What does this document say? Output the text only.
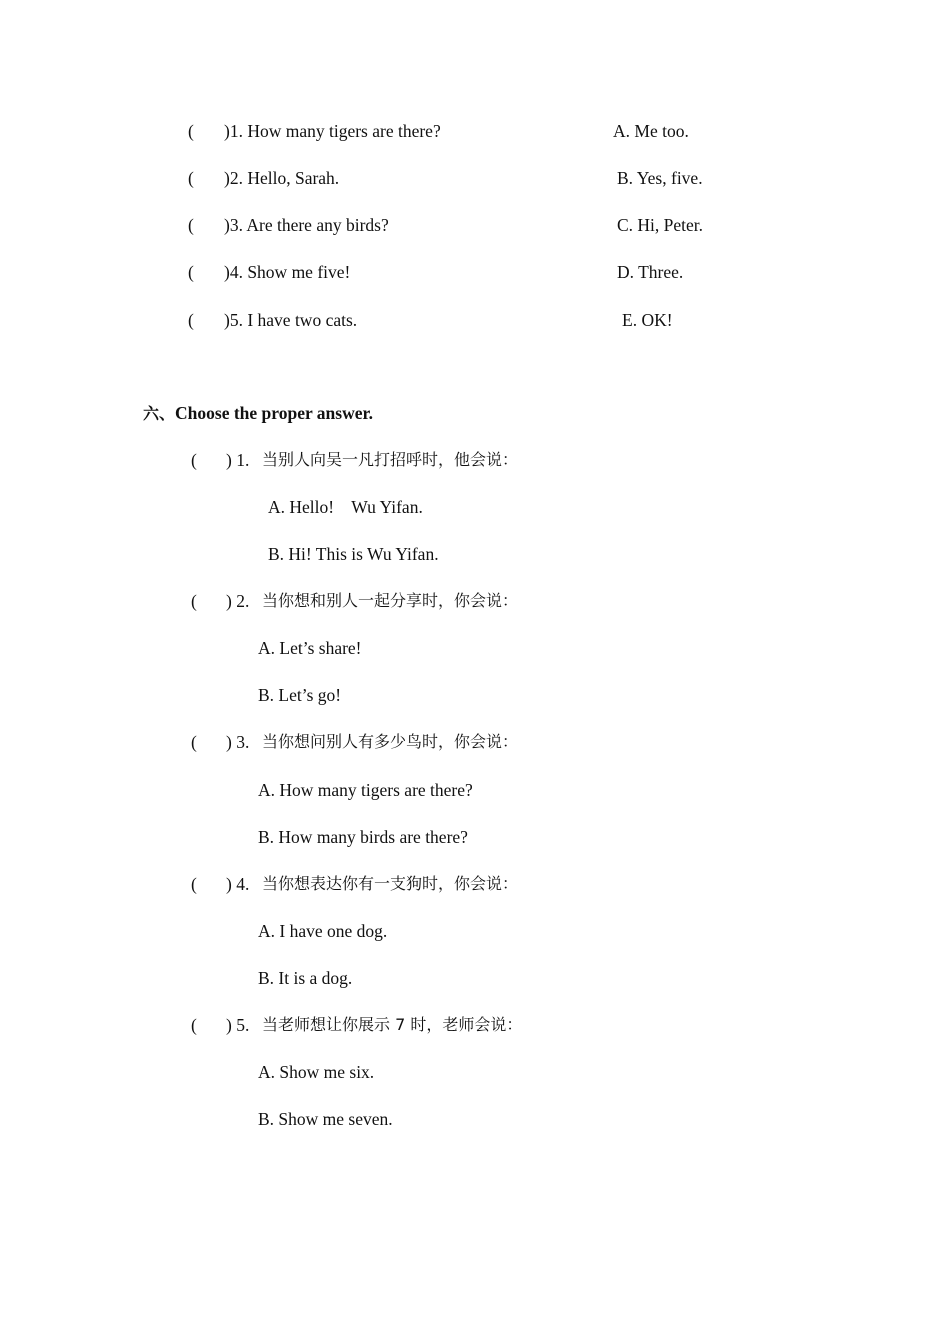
( )1. How many tigers are there?	A. Me too.
( )2. Hello, Sarah.	B. Yes, five.
( )3. Are there any birds?	C. Hi, Peter.
( )4. Show me five!	D. Three.
( )5. I have two cats.	E. OK!
六、Choose the proper answer.
( ) 1. 当别人向吴一凡打招呼时，他会说：
A. Hello!    Wu Yifan.
B. Hi! This is Wu Yifan.
( ) 2. 当你想和别人一起分享时，你会说：
A. Let’s share!
B. Let’s go!
( ) 3. 当你想问别人有多少鸟时，你会说：
A. How many tigers are there?
B. How many birds are there?
( ) 4. 当你想表达你有一支狗时，你会说：
A. I have one dog.
B. It is a dog.
( ) 5. 当老师想让你展示 7 时，老师会说：
A. Show me six.
B. Show me seven.
